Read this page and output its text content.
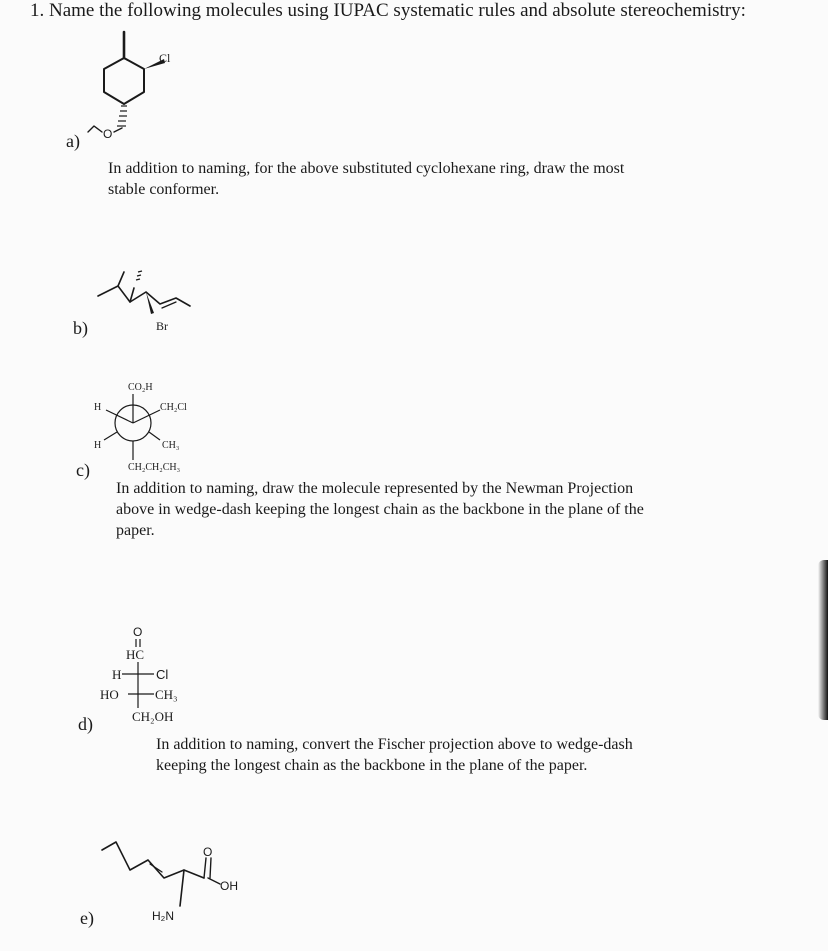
1. Name the following molecules using IUPAC systematic rules and absolute stereochemistry:
a)
Cl
O
In addition to naming, for the above substituted cyclohexane ring, draw the most
stable conformer.
b)	Br
c)
CO₂H
H	CH₂Cl
H	CH₃
CH₂CH₂CH₃
In addition to naming, draw the molecule represented by the Newman Projection
above in wedge-dash keeping the longest chain as the backbone in the plane of the
paper.
d)
O
HC
H	Cl
HO	CH₃
CH₂OH
In addition to naming, convert the Fischer projection above to wedge-dash
keeping the longest chain as the backbone in the plane of the paper.
e)
O
OH
H₂N
